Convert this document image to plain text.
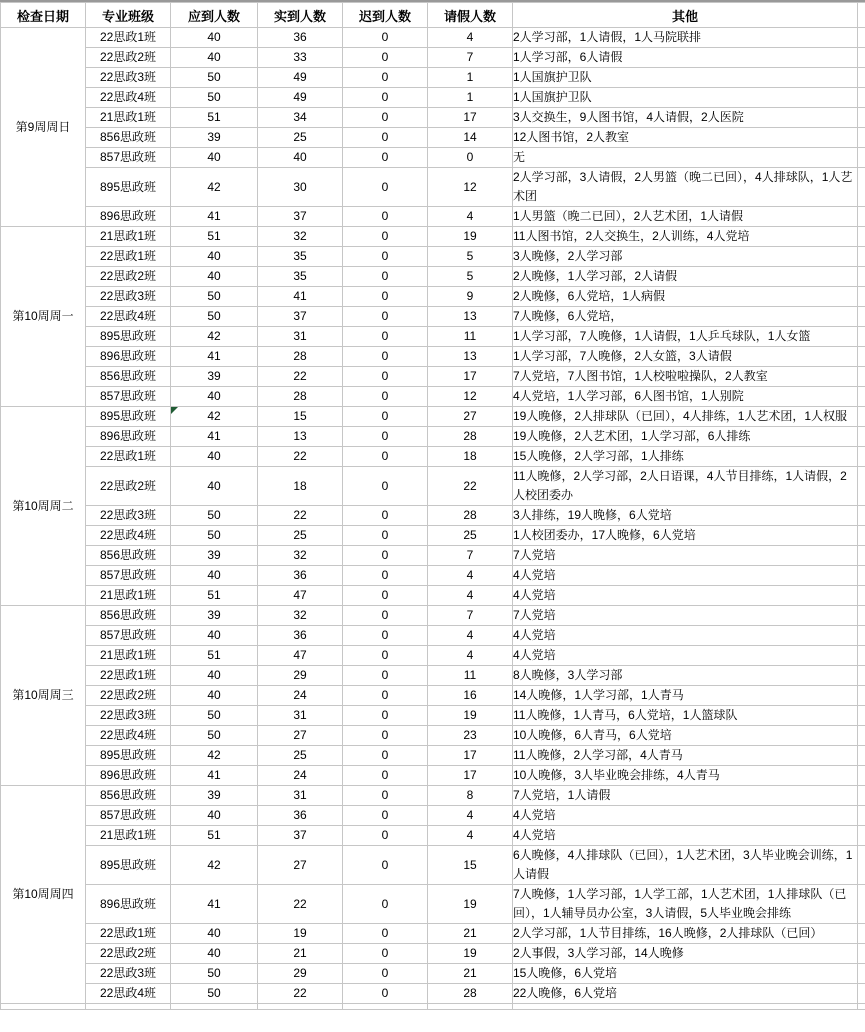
检查日期	专业班级	应到人数	实到人数	迟到人数	请假人数	其他	
第9周周日	22思政1班	40	36	0	4	2人学习部，1人请假，1人马院联排	
	22思政2班	40	33	0	7	1人学习部，6人请假	
	22思政3班	50	49	0	1	1人国旗护卫队	
	22思政4班	50	49	0	1	1人国旗护卫队	
	21思政1班	51	34	0	17	3人交换生，9人图书馆，4人请假，2人医院	
	856思政班	39	25	0	14	12人图书馆，2人教室	
	857思政班	40	40	0	0	无	
	895思政班	42	30	0	12	2人学习部，3人请假，2人男篮（晚二已回），4人排球队，1人艺术团	
	896思政班	41	37	0	4	1人男篮（晚二已回），2人艺术团，1人请假	
第10周周一	21思政1班	51	32	0	19	11人图书馆，2人交换生，2人训练，4人党培	
	22思政1班	40	35	0	5	3人晚修，2人学习部	
	22思政2班	40	35	0	5	2人晚修，1人学习部，2人请假	
	22思政3班	50	41	0	9	2人晚修，6人党培，1人病假	
	22思政4班	50	37	0	13	7人晚修，6人党培，	
	895思政班	42	31	0	11	1人学习部，7人晚修，1人请假，1人乒乓球队，1人女篮	
	896思政班	41	28	0	13	1人学习部，7人晚修，2人女篮，3人请假	
	856思政班	39	22	0	17	7人党培，7人图书馆，1人校啦啦操队，2人教室	
	857思政班	40	28	0	12	4人党培，1人学习部，6人图书馆，1人别院	
第10周周二	895思政班	42	15	0	27	19人晚修，2人排球队（已回），4人排练，1人艺术团，1人权服	
	896思政班	41	13	0	28	19人晚修，2人艺术团，1人学习部，6人排练	
	22思政1班	40	22	0	18	15人晚修，2人学习部，1人排练	
	22思政2班	40	18	0	22	11人晚修，2人学习部，2人日语课，4人节目排练，1人请假，2人校团委办	
	22思政3班	50	22	0	28	3人排练，19人晚修，6人党培	
	22思政4班	50	25	0	25	1人校团委办，17人晚修，6人党培	
	856思政班	39	32	0	7	7人党培	
	857思政班	40	36	0	4	4人党培	
	21思政1班	51	47	0	4	4人党培	
第10周周三	856思政班	39	32	0	7	7人党培	
	857思政班	40	36	0	4	4人党培	
	21思政1班	51	47	0	4	4人党培	
	22思政1班	40	29	0	11	8人晚修，3人学习部	
	22思政2班	40	24	0	16	14人晚修，1人学习部，1人青马	
	22思政3班	50	31	0	19	11人晚修，1人青马，6人党培，1人篮球队	
	22思政4班	50	27	0	23	10人晚修，6人青马，6人党培	
	895思政班	42	25	0	17	11人晚修，2人学习部，4人青马	
	896思政班	41	24	0	17	10人晚修，3人毕业晚会排练，4人青马	
第10周周四	856思政班	39	31	0	8	7人党培，1人请假	
	857思政班	40	36	0	4	4人党培	
	21思政1班	51	37	0	4	4人党培	
	895思政班	42	27	0	15	6人晚修，4人排球队（已回），1人艺术团，3人毕业晚会训练，1人请假	
	896思政班	41	22	0	19	7人晚修，1人学习部，1人学工部，1人艺术团，1人排球队（已回），1人辅导员办公室，3人请假，5人毕业晚会排练	
	22思政1班	40	19	0	21	2人学习部，1人节目排练，16人晚修，2人排球队（已回）	
	22思政2班	40	21	0	19	2人事假，3人学习部，14人晚修	
	22思政3班	50	29	0	21	15人晚修，6人党培	
	22思政4班	50	22	0	28	22人晚修，6人党培	
